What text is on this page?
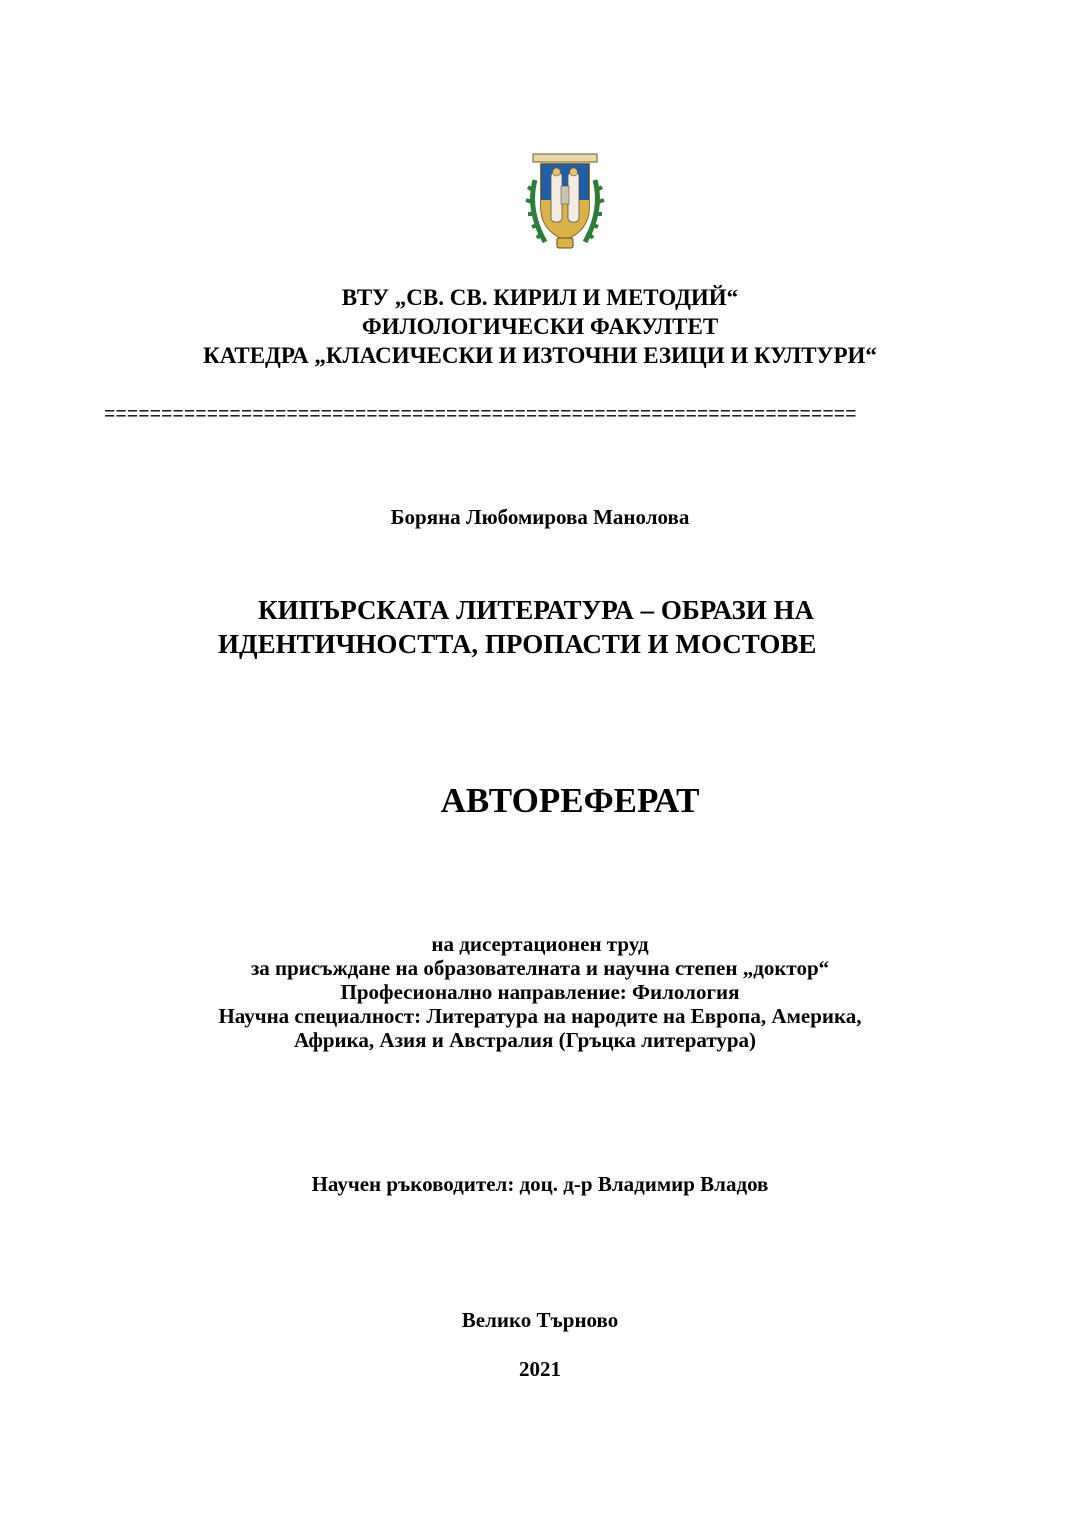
ВТУ „СВ. СВ. КИРИЛ И МЕТОДИЙ“
ФИЛОЛОГИЧЕСКИ ФАКУЛТЕТ
КАТЕДРА „КЛАСИЧЕСКИ И ИЗТОЧНИ ЕЗИЦИ И КУЛТУРИ“
==================================================================
Боряна Любомирова Манолова
КИПЪРСКАТА ЛИТЕРАТУРА – ОБРАЗИ НА
ИДЕНТИЧНОСТТА, ПРОПАСТИ И МОСТОВЕ
АВТОРЕФЕРАТ
на дисертационен труд
за присъждане на образователната и научна степен „доктор“
Професионално направление: Филология
Научна специалност: Литература на народите на Европа, Америка,
Африка, Азия и Австралия (Гръцка литература)
Научен ръководител: доц. д-р Владимир Владов
Велико Търново
2021
